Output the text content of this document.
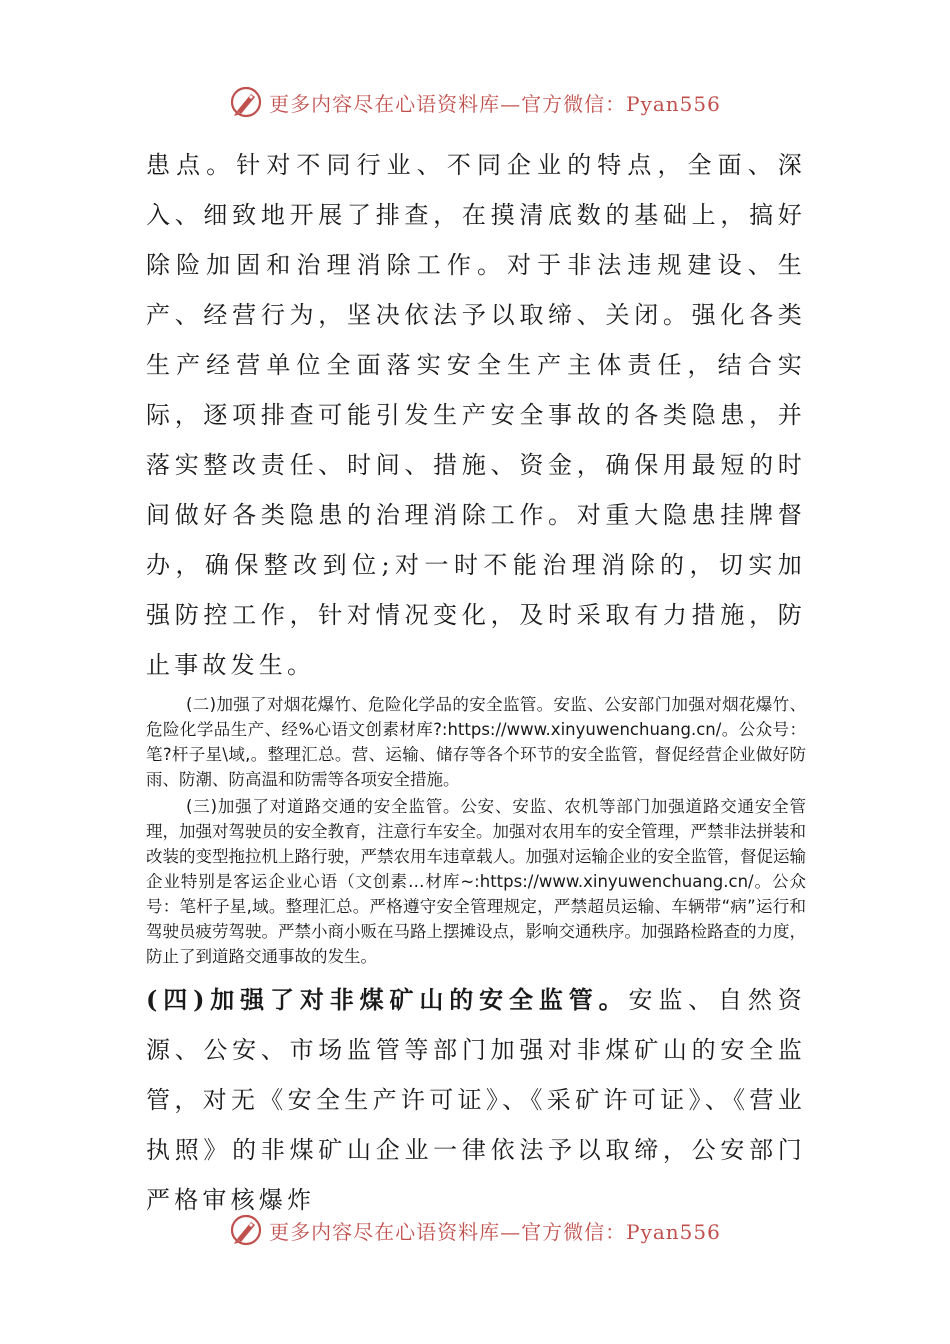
更多内容尽在心语资料库—官方微信：Pyan556

患点。针对不同行业、不同企业的特点，全面、深入、细致地开展了排查，在摸清底数的基础上，搞好除险加固和治理消除工作。对于非法违规建设、生产、经营行为，坚决依法予以取缔、关闭。强化各类生产经营单位全面落实安全生产主体责任，结合实际，逐项排查可能引发生产安全事故的各类隐患，并落实整改责任、时间、措施、资金，确保用最短的时间做好各类隐患的治理消除工作。对重大隐患挂牌督办，确保整改到位;对一时不能治理消除的，切实加强防控工作，针对情况变化，及时采取有力措施，防止事故发生。

(二)加强了对烟花爆竹、危险化学品的安全监管。安监、公安部门加强对烟花爆竹、危险化学品生产、经%心语文创素材库?:https://www.xinyuwenchuang.cn/。公众号：笔?杆子星\域,。整理汇总。营、运输、储存等各个环节的安全监管，督促经营企业做好防雨、防潮、防高温和防需等各项安全措施。

(三)加强了对道路交通的安全监管。公安、安监、农机等部门加强道路交通安全管理，加强对驾驶员的安全教育，注意行车安全。加强对农用车的安全管理，严禁非法拼装和改装的变型拖拉机上路行驶，严禁农用车违章载人。加强对运输企业的安全监管，督促运输企业特别是客运企业心语（文创素…材库~:https://www.xinyuwenchuang.cn/。公众号：笔杆子星,域。整理汇总。严格遵守安全管理规定，严禁超员运输、车辆带“病”运行和驾驶员疲劳驾驶。严禁小商小贩在马路上摆摊设点，影响交通秩序。加强路检路查的力度，防止了到道路交通事故的发生。

(四)加强了对非煤矿山的安全监管。安监、自然资源、公安、市场监管等部门加强对非煤矿山的安全监管，对无《安全生产许可证》、《采矿许可证》、《营业执照》的非煤矿山企业一律依法予以取缔，公安部门严格审核爆炸

更多内容尽在心语资料库—官方微信：Pyan556
